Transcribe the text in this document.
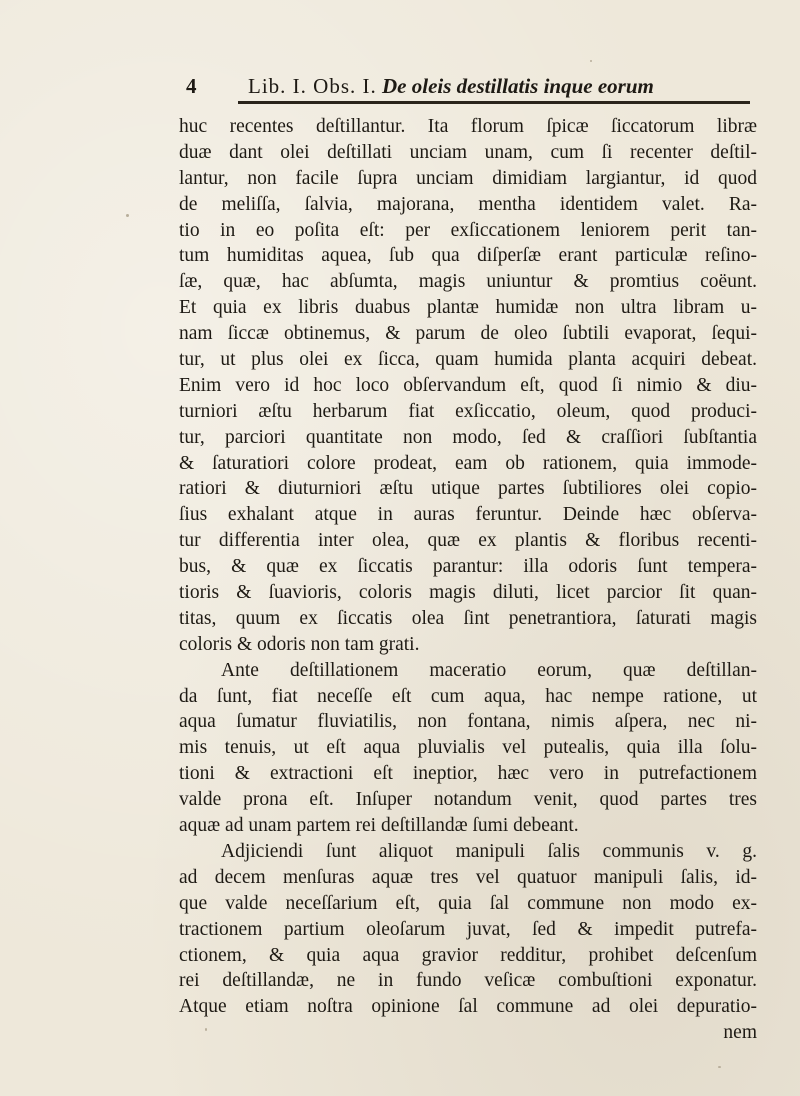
4 Lib. I. Obs. I. De oleis destillatis inque eorum
huc recentes deſtillantur. Ita florum ſpicæ ſiccatorum libræ
duæ dant olei deſtillati unciam unam, cum ſi recenter deſtil-
lantur, non facile ſupra unciam dimidiam largiantur, id quod
de meliſſa, ſalvia, majorana, mentha identidem valet. Ra-
tio in eo poſita eſt: per exſiccationem leniorem perit tan-
tum humiditas aquea, ſub qua diſperſæ erant particulæ reſino-
ſæ, quæ, hac abſumta, magis uniuntur & promtius coëunt.
Et quia ex libris duabus plantæ humidæ non ultra libram u-
nam ſiccæ obtinemus, & parum de oleo ſubtili evaporat, ſequi-
tur, ut plus olei ex ſicca, quam humida planta acquiri debeat.
Enim vero id hoc loco obſervandum eſt, quod ſi nimio & diu-
turniori æſtu herbarum fiat exſiccatio, oleum, quod produci-
tur, parciori quantitate non modo, ſed & craſſiori ſubſtantia
& ſaturatiori colore prodeat, eam ob rationem, quia immode-
ratiori & diuturniori æſtu utique partes ſubtiliores olei copio-
ſius exhalant atque in auras feruntur. Deinde hæc obſerva-
tur differentia inter olea, quæ ex plantis & floribus recenti-
bus, & quæ ex ſiccatis parantur: illa odoris ſunt tempera-
tioris & ſuavioris, coloris magis diluti, licet parcior ſit quan-
titas, quum ex ſiccatis olea ſint penetrantiora, ſaturati magis
coloris & odoris non tam grati.
Ante deſtillationem maceratio eorum, quæ deſtillan-
da ſunt, fiat neceſſe eſt cum aqua, hac nempe ratione, ut
aqua ſumatur fluviatilis, non fontana, nimis aſpera, nec ni-
mis tenuis, ut eſt aqua pluvialis vel putealis, quia illa ſolu-
tioni & extractioni eſt ineptior, hæc vero in putrefactionem
valde prona eſt. Inſuper notandum venit, quod partes tres
aquæ ad unam partem rei deſtillandæ ſumi debeant.
Adjiciendi ſunt aliquot manipuli ſalis communis v. g.
ad decem menſuras aquæ tres vel quatuor manipuli ſalis, id-
que valde neceſſarium eſt, quia ſal commune non modo ex-
tractionem partium oleoſarum juvat, ſed & impedit putrefa-
ctionem, & quia aqua gravior redditur, prohibet deſcenſum
rei deſtillandæ, ne in fundo veſicæ combuſtioni exponatur.
Atque etiam noſtra opinione ſal commune ad olei depuratio-
nem
